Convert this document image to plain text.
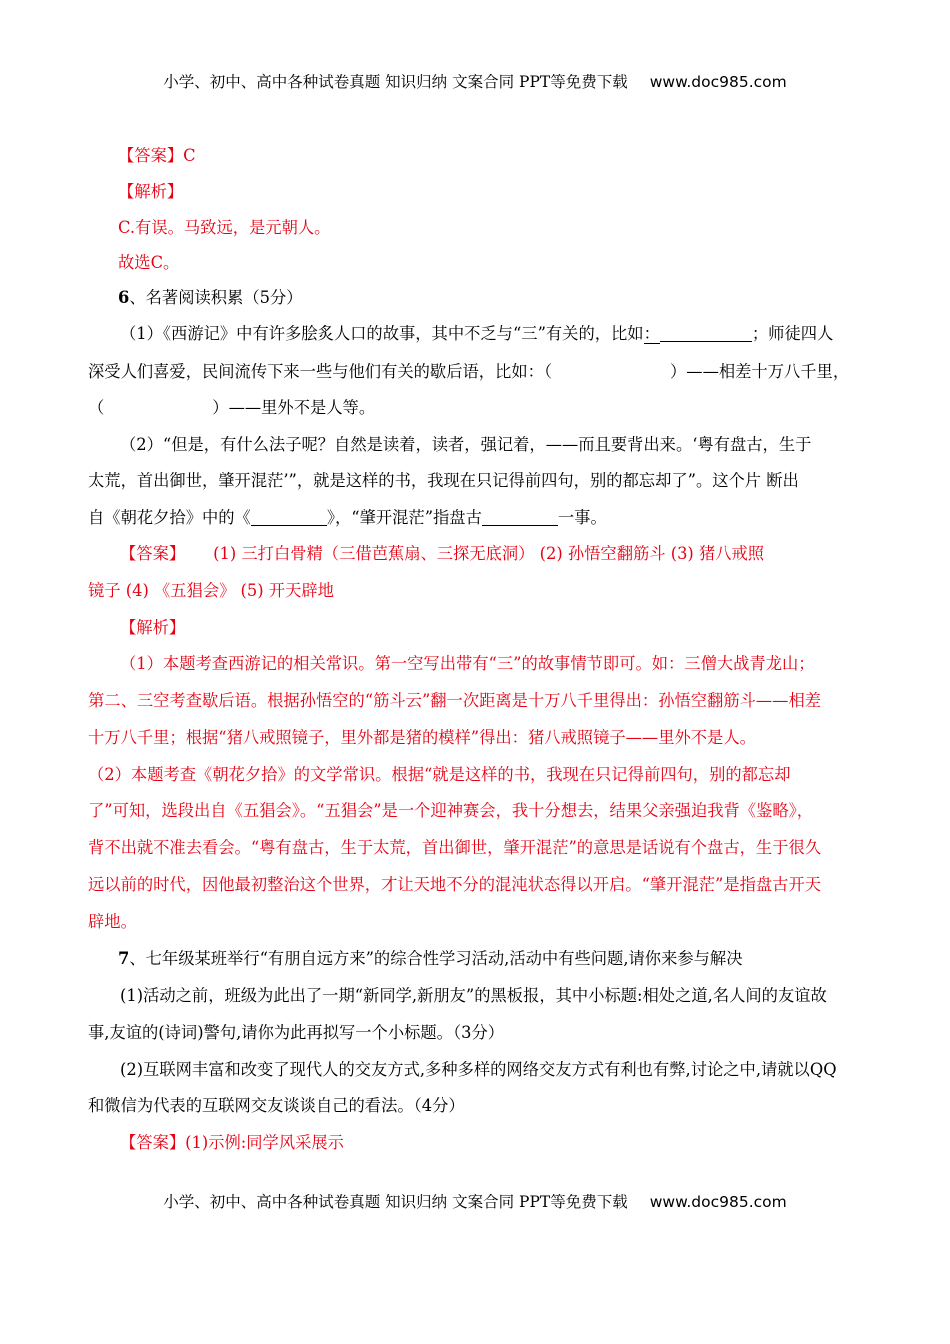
小学、初中、高中各种试卷真题 知识归纳 文案合同 PPT等免费下载 www.doc985.com
【答案】C
【解析】
C.有误。马致远，是元朝人。
故选C。
6、名著阅读积累（5分）
（1）《西游记》中有许多脍炙人口的故事，其中不乏与“三”有关的，比如：	；师徒四人
深受人们喜爱，民间流传下来一些与他们有关的歇后语，比如：（	）——相差十万八千里，
（	）——里外不是人等。
（2）“但是，有什么法子呢？自然是读着，读者，强记着，——而且要背出来。‘粤有盘古，生于
太荒，首出御世，肇开混茫’”，就是这样的书，我现在只记得前四句，别的都忘却了”。这个片 断出
自《朝花夕拾》中的《	》，“肇开混茫”指盘古	一事。
【答案】 (1) 三打白骨精（三借芭蕉扇、三探无底洞） (2) 孙悟空翻筋斗 (3) 猪八戒照
镜子 (4) 《五猖会》 (5) 开天辟地
【解析】
（1）本题考查西游记的相关常识。第一空写出带有“三”的故事情节即可。如：三僧大战青龙山；
第二、三空考查歇后语。根据孙悟空的“筋斗云”翻一次距离是十万八千里得出：孙悟空翻筋斗——相差
十万八千里；根据“猪八戒照镜子，里外都是猪的模样”得出：猪八戒照镜子——里外不是人。
（2）本题考查《朝花夕拾》的文学常识。根据“就是这样的书，我现在只记得前四句，别的都忘却
了”可知，选段出自《五猖会》。“五猖会”是一个迎神赛会，我十分想去，结果父亲强迫我背《鉴略》，
背不出就不准去看会。“粤有盘古，生于太荒，首出御世，肇开混茫”的意思是话说有个盘古，生于很久
远以前的时代，因他最初整治这个世界，才让天地不分的混沌状态得以开启。“肇开混茫”是指盘古开天
辟地。
7、七年级某班举行“有朋自远方来”的综合性学习活动,活动中有些问题,请你来参与解决
(1)活动之前，班级为此出了一期“新同学,新朋友”的黑板报，其中小标题:相处之道,名人间的友谊故
事,友谊的(诗词)警句,请你为此再拟写一个小标题。（3分）
(2)互联网丰富和改变了现代人的交友方式,多种多样的网络交友方式有利也有弊,讨论之中,请就以QQ
和微信为代表的互联网交友谈谈自己的看法。（4分）
【答案】(1)示例:同学风采展示
小学、初中、高中各种试卷真题 知识归纳 文案合同 PPT等免费下载 www.doc985.com
